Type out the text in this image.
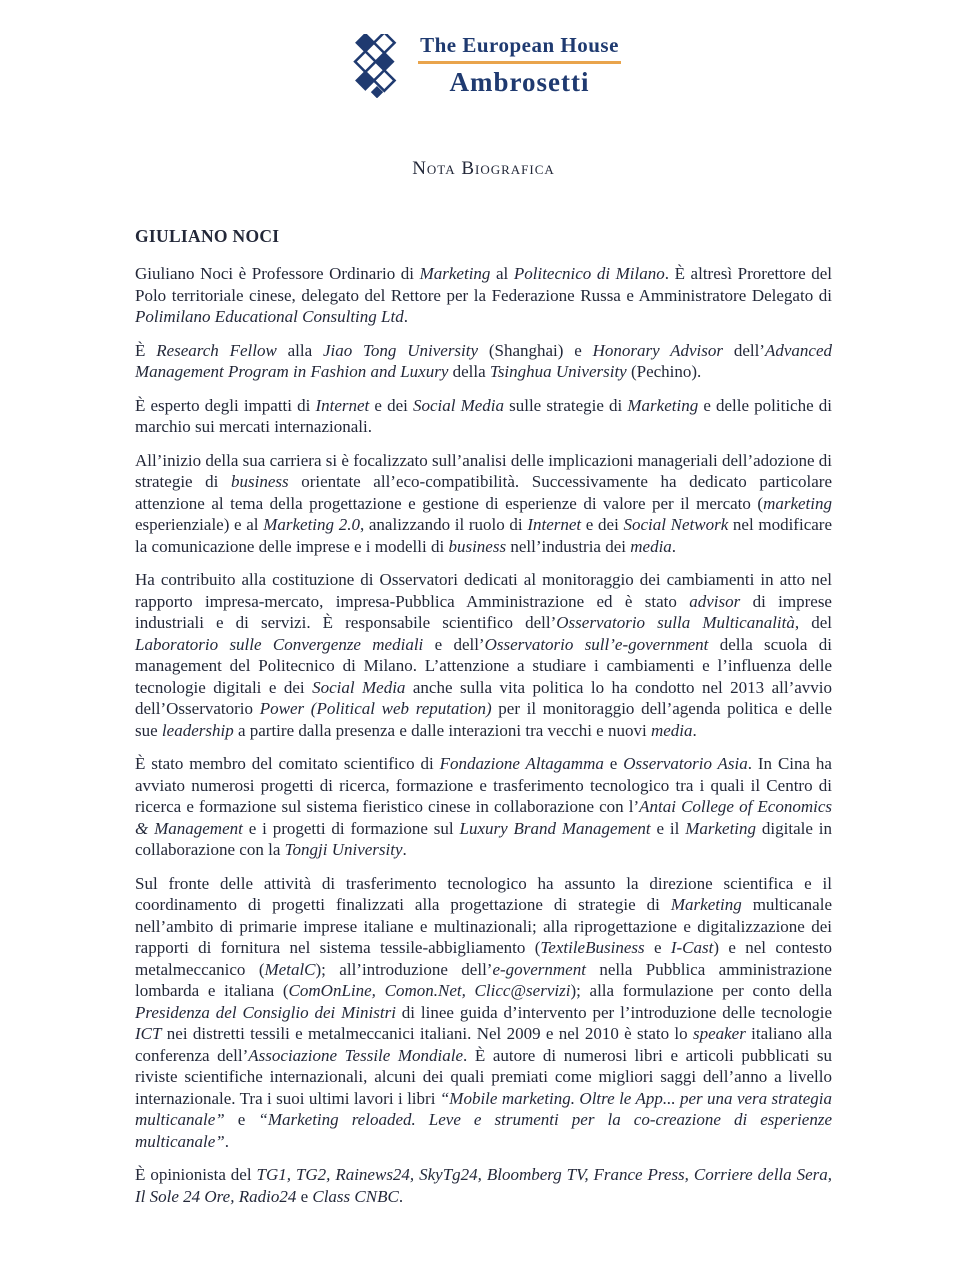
The European House
Ambrosetti
Nota Biografica
GIULIANO NOCI

Giuliano Noci è Professore Ordinario di Marketing al Politecnico di Milano. È altresì Prorettore del Polo territoriale cinese, delegato del Rettore per la Federazione Russa e Amministratore Delegato di Polimilano Educational Consulting Ltd.

È Research Fellow alla Jiao Tong University (Shanghai) e Honorary Advisor dell’Advanced Management Program in Fashion and Luxury della Tsinghua University (Pechino).

È esperto degli impatti di Internet e dei Social Media sulle strategie di Marketing e delle politiche di marchio sui mercati internazionali.

All’inizio della sua carriera si è focalizzato sull’analisi delle implicazioni manageriali dell’adozione di strategie di business orientate all’eco-compatibilità. Successivamente ha dedicato particolare attenzione al tema della progettazione e gestione di esperienze di valore per il mercato (marketing esperienziale) e al Marketing 2.0, analizzando il ruolo di Internet e dei Social Network nel modificare la comunicazione delle imprese e i modelli di business nell’industria dei media.

Ha contribuito alla costituzione di Osservatori dedicati al monitoraggio dei cambiamenti in atto nel rapporto impresa-mercato, impresa-Pubblica Amministrazione ed è stato advisor di imprese industriali e di servizi. È responsabile scientifico dell’Osservatorio sulla Multicanalità, del Laboratorio sulle Convergenze mediali e dell’Osservatorio sull’e-government della scuola di management del Politecnico di Milano. L’attenzione a studiare i cambiamenti e l’influenza delle tecnologie digitali e dei Social Media anche sulla vita politica lo ha condotto nel 2013 all’avvio dell’Osservatorio Power (Political web reputation) per il monitoraggio dell’agenda politica e delle sue leadership a partire dalla presenza e dalle interazioni tra vecchi e nuovi media.

È stato membro del comitato scientifico di Fondazione Altagamma e Osservatorio Asia. In Cina ha avviato numerosi progetti di ricerca, formazione e trasferimento tecnologico tra i quali il Centro di ricerca e formazione sul sistema fieristico cinese in collaborazione con l’Antai College of Economics & Management e i progetti di formazione sul Luxury Brand Management e il Marketing digitale in collaborazione con la Tongji University.

Sul fronte delle attività di trasferimento tecnologico ha assunto la direzione scientifica e il coordinamento di progetti finalizzati alla progettazione di strategie di Marketing multicanale nell’ambito di primarie imprese italiane e multinazionali; alla riprogettazione e digitalizzazione dei rapporti di fornitura nel sistema tessile-abbigliamento (TextileBusiness e I-Cast) e nel contesto metalmeccanico (MetalC); all’introduzione dell’e-government nella Pubblica amministrazione lombarda e italiana (ComOnLine, Comon.Net, Clicc@servizi); alla formulazione per conto della Presidenza del Consiglio dei Ministri di linee guida d’intervento per l’introduzione delle tecnologie ICT nei distretti tessili e metalmeccanici italiani. Nel 2009 e nel 2010 è stato lo speaker italiano alla conferenza dell’Associazione Tessile Mondiale. È autore di numerosi libri e articoli pubblicati su riviste scientifiche internazionali, alcuni dei quali premiati come migliori saggi dell’anno a livello internazionale. Tra i suoi ultimi lavori i libri “Mobile marketing. Oltre le App... per una vera strategia multicanale” e “Marketing reloaded. Leve e strumenti per la co-creazione di esperienze multicanale”.

È opinionista del TG1, TG2, Rainews24, SkyTg24, Bloomberg TV, France Press, Corriere della Sera, Il Sole 24 Ore, Radio24 e Class CNBC.
